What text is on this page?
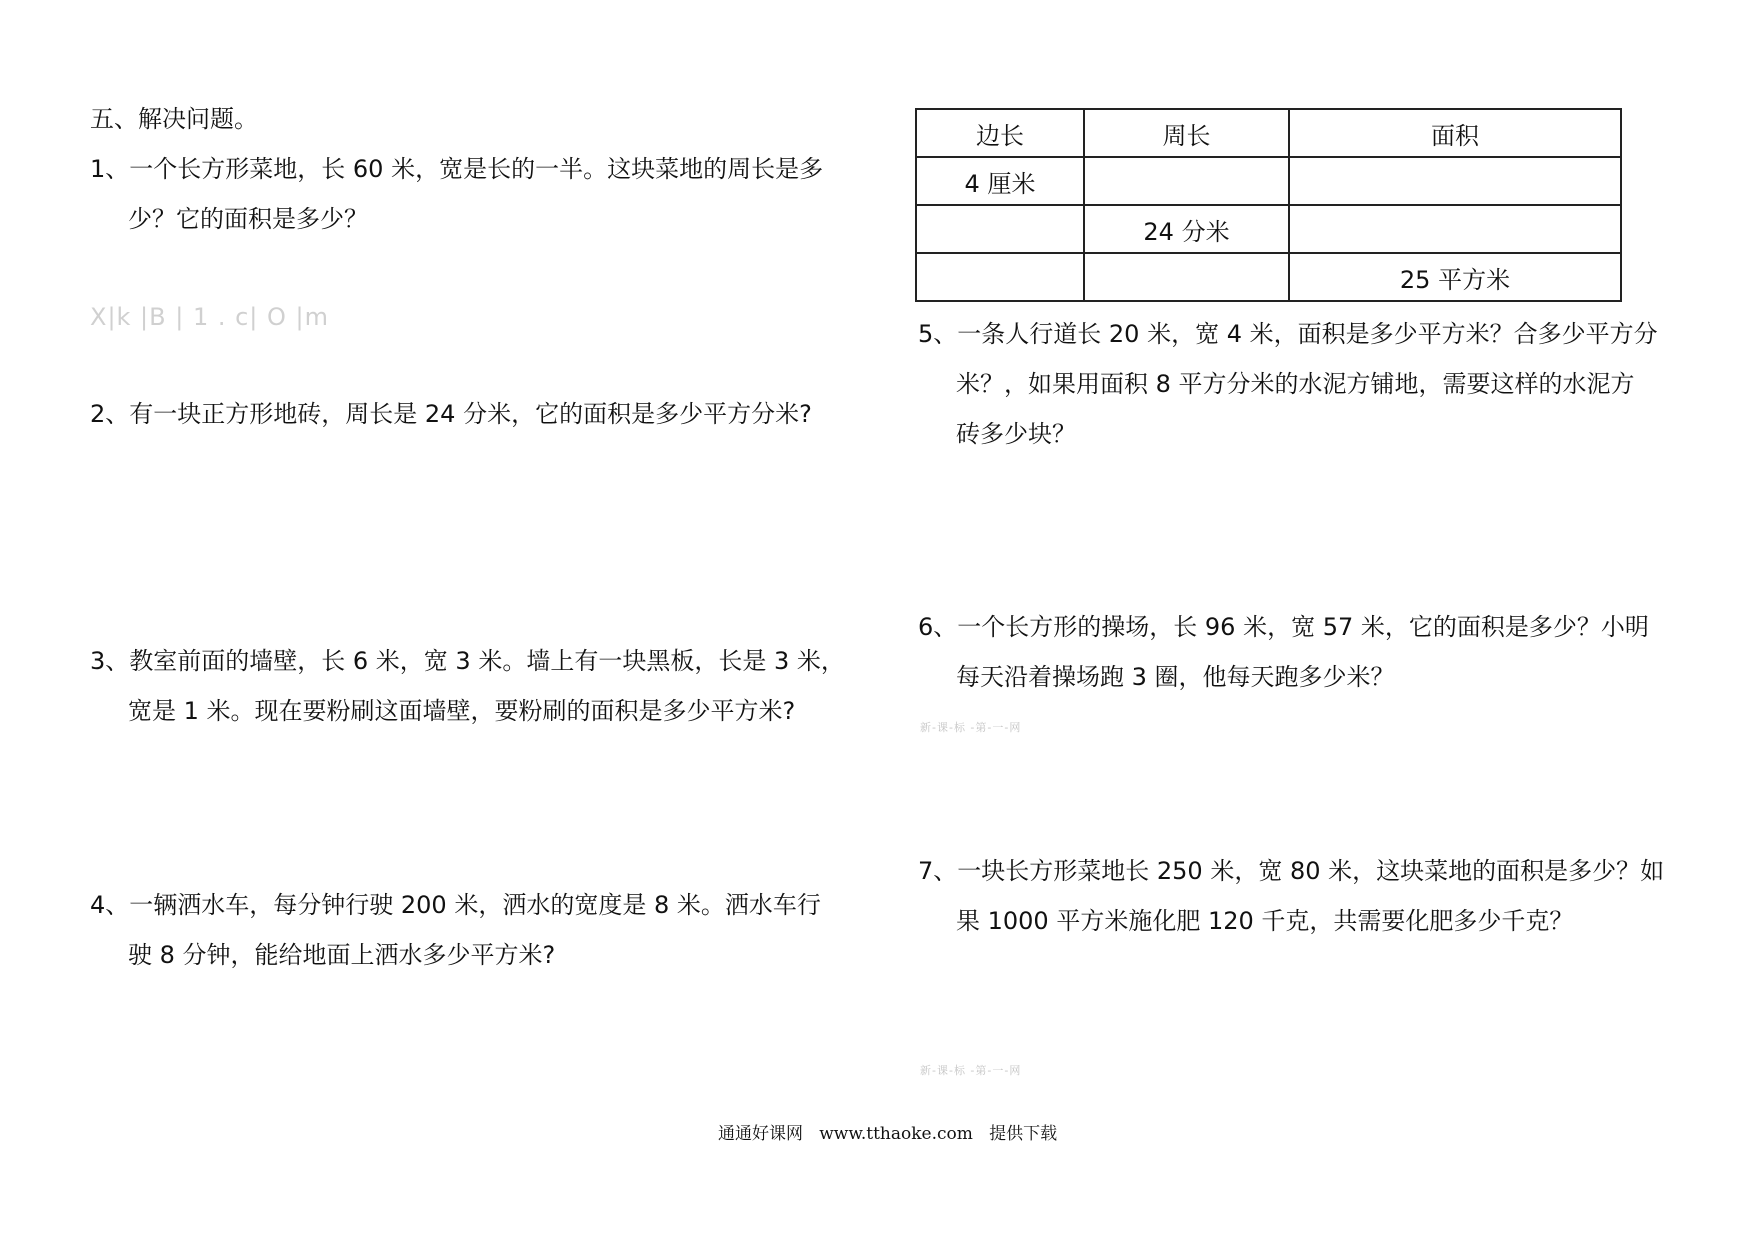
五、解决问题。
1、一个长方形菜地，长 60 米，宽是长的一半。这块菜地的周长是多
少？它的面积是多少？
X|k |B | 1 . c| O |m
2、有一块正方形地砖，周长是 24 分米，它的面积是多少平方分米?
3、教室前面的墙壁，长 6 米，宽 3 米。墙上有一块黑板，长是 3 米，
宽是 1 米。现在要粉刷这面墙壁，要粉刷的面积是多少平方米?
4、一辆洒水车，每分钟行驶 200 米，洒水的宽度是 8 米。洒水车行
驶 8 分钟，能给地面上洒水多少平方米?
边长	周长	面积
4 厘米		
	24 分米	
		25 平方米
5、一条人行道长 20 米，宽 4 米，面积是多少平方米？合多少平方分
米？，如果用面积 8 平方分米的水泥方铺地，需要这样的水泥方
砖多少块？
6、一个长方形的操场，长 96 米，宽 57 米，它的面积是多少？小明
每天沿着操场跑 3 圈，他每天跑多少米？
新-课-标 -第-一-网
7、一块长方形菜地长 250 米，宽 80 米，这块菜地的面积是多少？如
果 1000 平方米施化肥 120 千克，共需要化肥多少千克？
新-课-标 -第-一-网
通通好课网 www.tthaoke.com 提供下载
